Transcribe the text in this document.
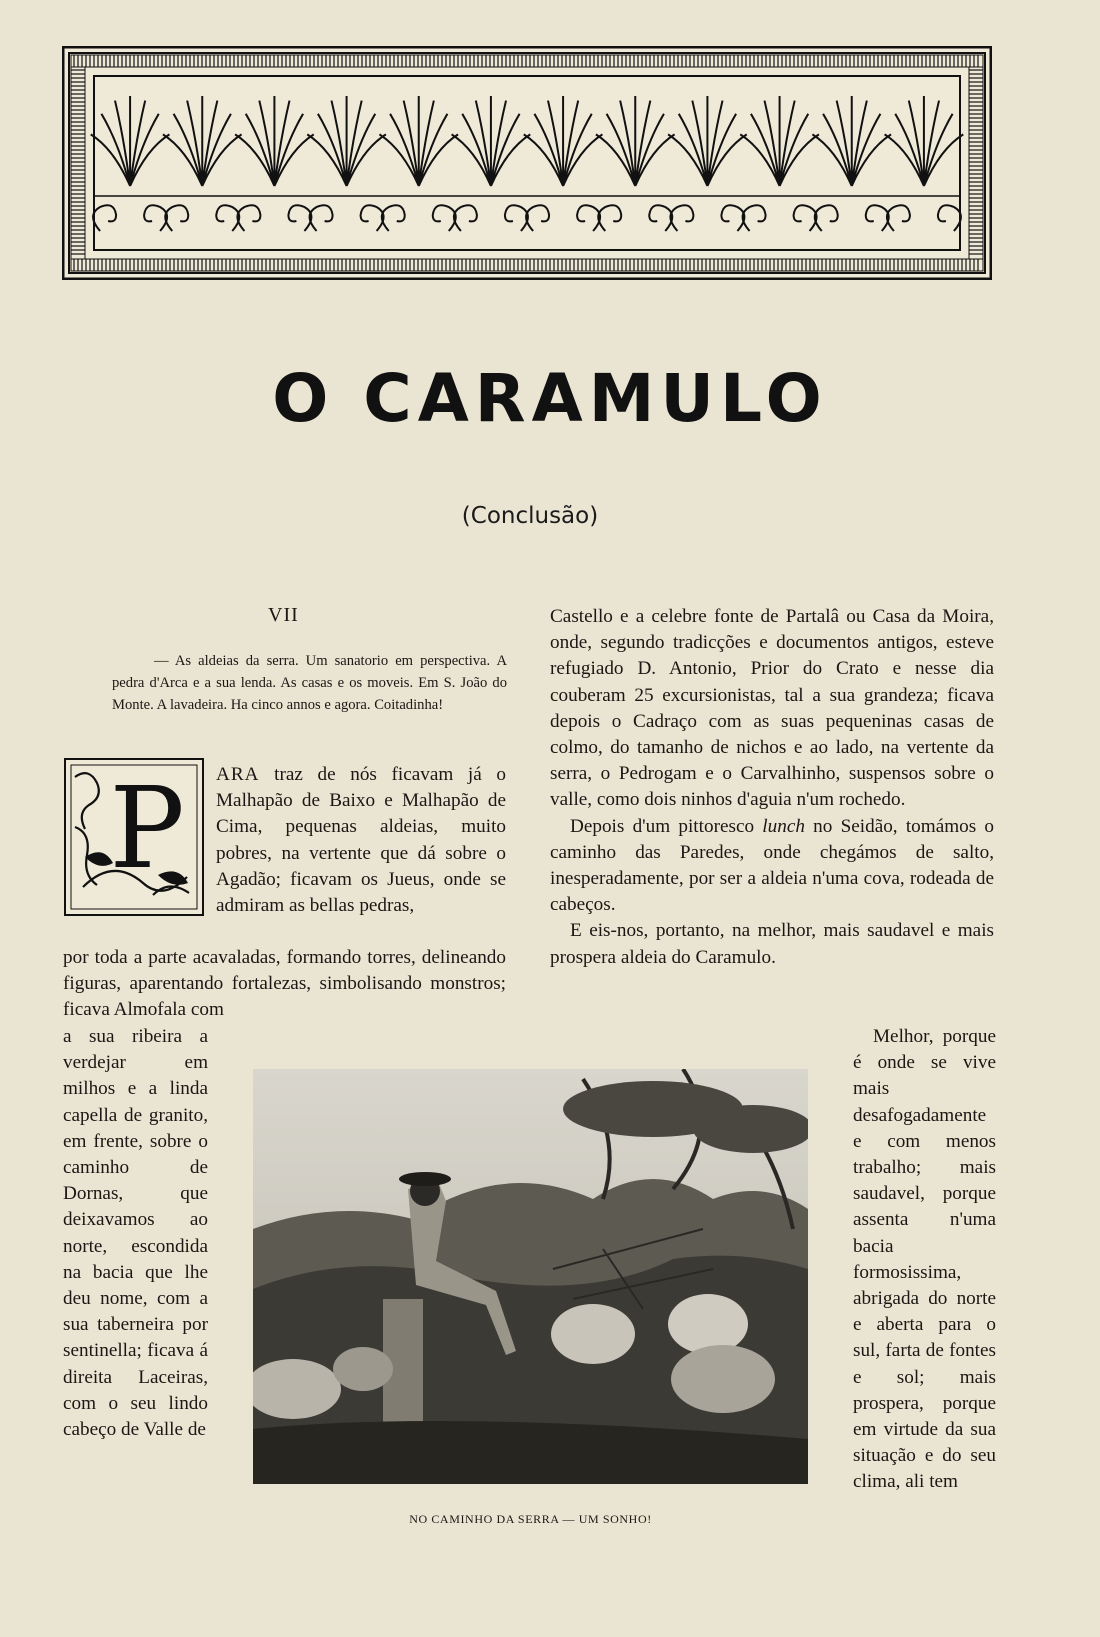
O CARAMULO
(Conclusão)
VII
— As aldeias da serra. Um sanatorio em perspectiva. A pedra d'Arca e a sua lenda. As casas e os moveis. Em S. João do Monte. A lavadeira. Ha cinco annos e agora. Coitadinha!
P ARA traz de nós ficavam já o Malhapão de Baixo e Malhapão de Cima, pequenas aldeias, muito pobres, na vertente que dá sobre o Agadão; ficavam os Jueus, onde se admiram as bellas pedras,
por toda a parte acavaladas, formando torres, delineando figuras, aparentando fortalezas, simbolisando monstros; ficava Almofala com
a sua ribeira a verdejar em milhos e a linda capella de granito, em frente, sobre o caminho de Dornas, que deixavamos ao norte, escondida na bacia que lhe deu nome, com a sua taberneira por sentinella; ficava á direita Laceiras, com o seu lindo cabeço de Valle de

Castello e a celebre fonte de Partalâ ou Casa da Moira, onde, segundo tradicções e documentos antigos, esteve refugiado D. Antonio, Prior do Crato e nesse dia couberam 25 excursionistas, tal a sua grandeza; ficava depois o Cadraço com as suas pequeninas casas de colmo, do tamanho de nichos e ao lado, na vertente da serra, o Pedrogam e o Carvalhinho, suspensos sobre o valle, como dois ninhos d'aguia n'um rochedo.

Depois d'um pittoresco lunch no Seidão, tomámos o caminho das Paredes, onde chegámos de salto, inesperadamente, por ser a aldeia n'uma cova, rodeada de cabeços.

E eis-nos, portanto, na melhor, mais saudavel e mais prospera aldeia do Caramulo.

Melhor, porque é onde se vive mais desafogadamente e com menos trabalho; mais saudavel, porque assenta n'uma bacia formosissima, abrigada do norte e aberta para o sul, farta de fontes e sol; mais prospera, porque em virtude da sua situação e do seu clima, ali tem

NO CAMINHO DA SERRA — UM SONHO!
